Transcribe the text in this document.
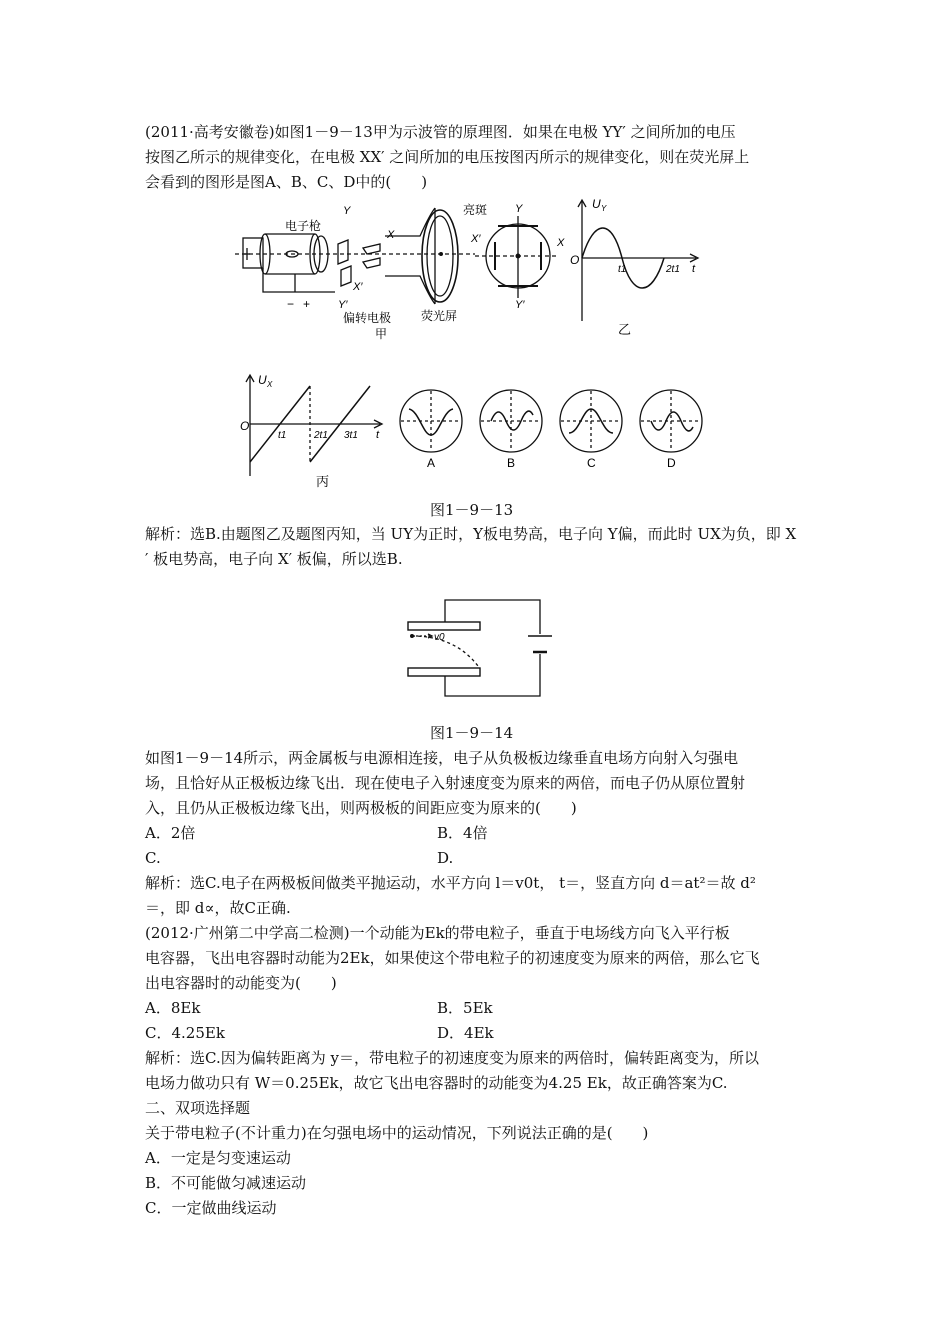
(2011·高考安徽卷)如图1－9－13甲为示波管的原理图．如果在电极 YY′ 之间所加的电压
按图乙所示的规律变化，在电极 XX′ 之间所加的电压按图丙所示的规律变化，则在荧光屏上
会看到的图形是图A、B、C、D中的(　　)
电子枪
Y
Y′
X
X′
− +
偏转电极
甲
亮斑
荧光屏
Y
Y′
X′	X
U Y
O
t1	2t1 t
乙
U X
O
t1	2t1 3t1 t
丙
A	B	C	D
图1－9－13
解析：选B.由题图乙及题图丙知，当 UY为正时，Y板电势高，电子向 Y偏，而此时 UX为负，即 X
′ 板电势高，电子向 X′ 板偏，所以选B.
v0
图1－9－14
如图1－9－14所示，两金属板与电源相连接，电子从负极板边缘垂直电场方向射入匀强电
场，且恰好从正极板边缘飞出．现在使电子入射速度变为原来的两倍，而电子仍从原位置射
入，且仍从正极板边缘飞出，则两极板的间距应变为原来的(　　)
A．2倍	B．4倍
C.	D.
解析：选C.电子在两极板间做类平抛运动，水平方向 l＝v0t， t＝，竖直方向 d＝at²＝故 d²
＝，即 d∝，故C正确.
(2012·广州第二中学高二检测)一个动能为Ek的带电粒子，垂直于电场线方向飞入平行板
电容器，飞出电容器时动能为2Ek，如果使这个带电粒子的初速度变为原来的两倍，那么它飞
出电容器时的动能变为(　　)
A．8Ek	B．5Ek
C．4.25Ek	D．4Ek
解析：选C.因为偏转距离为 y＝，带电粒子的初速度变为原来的两倍时，偏转距离变为，所以
电场力做功只有 W＝0.25Ek，故它飞出电容器时的动能变为4.25 Ek，故正确答案为C.
二、双项选择题
关于带电粒子(不计重力)在匀强电场中的运动情况，下列说法正确的是(　　)
A．一定是匀变速运动
B．不可能做匀减速运动
C．一定做曲线运动
